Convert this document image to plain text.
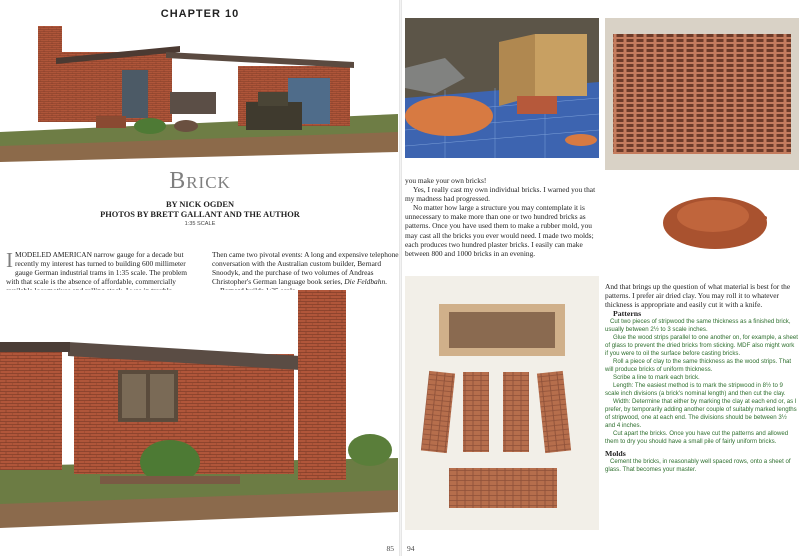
CHAPTER 10
Brick
BY NICK OGDEN
PHOTOS BY BRETT GALLANT AND THE AUTHOR
1:35 SCALE

IMODELED AMERICAN narrow gauge for a decade but recently my interest has turned to building 600 millimeter gauge German industrial trams in 1:35 scale. The problem with that scale is the absence of affordable, commercially

Then came two pivotal events: A long and expensive telephone conversation with the Australian custom builder, Bernard Snoodyk, and the purchase of two volumes of Andreas Christopher's German language book series, Die Feldbahn.

85

you make your own bricks!

Yes, I really cast my own individual bricks. I warned you that my madness had progressed.

No matter how large a structure you may contemplate it is unnecessary to make more than one or two hundred bricks as patterns. Once you have used them to make a rubber mold, you may cast all the bricks you ever would need. I made two molds; each produces two hundred plaster bricks. I easily can make between 800 and 1000 bricks in an evening.

And that brings up the question of what material is best for the patterns. I prefer air dried clay. You may roll it to whatever thickness is appropriate and easily cut it with a knife.

Patterns

Cut two pieces of stripwood the same thickness as a finished brick, usually between 2½ to 3 scale inches.

Glue the wood strips parallel to one another on, for example, a sheet of glass to prevent the dried bricks from sticking. MDF also might work if you were to oil the surface before casting bricks.

Roll a piece of clay to the same thickness as the wood strips. That will produce bricks of uniform thickness.

Scribe a line to mark each brick.

Length: The easiest method is to mark the stripwood in 8½ to 9 scale inch divisions (a brick's nominal length) and then cut the clay.

Width: Determine that either by marking the clay at each end or, as I prefer, by temporarily adding another couple of suitably marked lengths of stripwood, one at each end. The divisions should be between 3½ and 4 inches.

Cut apart the bricks. Once you have cut the patterns and allowed them to dry you should have a small pile of fairly uniform bricks.

Molds

Cement the bricks, in reasonably well spaced rows, onto a sheet of glass. That becomes your master.

94
